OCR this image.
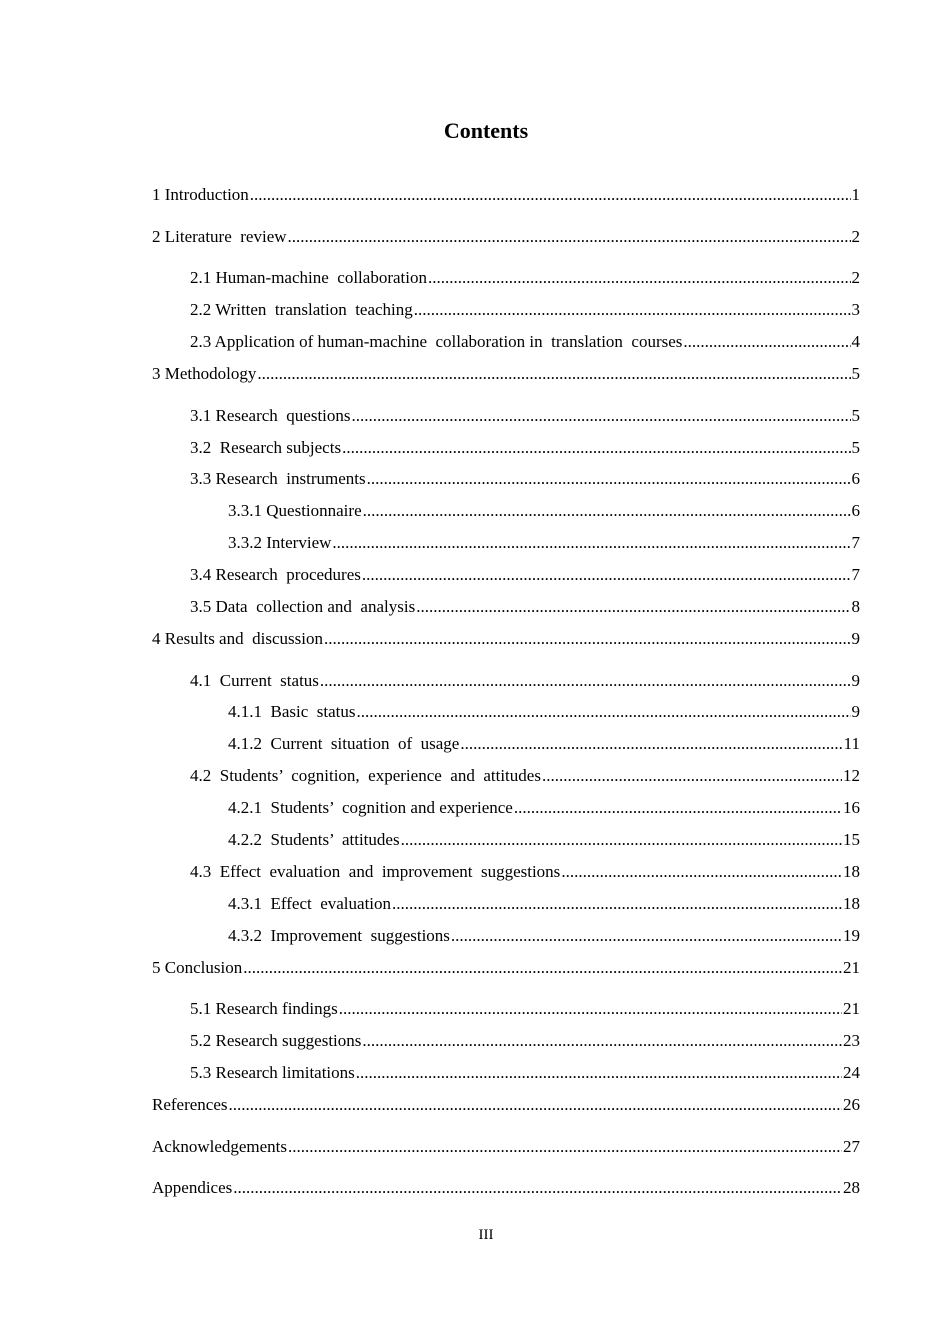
Contents
1 Introduction .....	1
2 Literature  review .....	2
2.1 Human-machine  collaboration .....	2
2.2 Written  translation  teaching .....	3
2.3 Application of human-machine  collaboration in  translation  courses .....	4
3 Methodology .....	5
3.1 Research  questions .....	5
3.2  Research subjects .....	5
3.3 Research  instruments .....	6
3.3.1 Questionnaire .....	6
3.3.2 Interview .....	7
3.4 Research  procedures .....	7
3.5 Data  collection and  analysis .....	8
4 Results and  discussion .....	9
4.1  Current  status .....	9
4.1.1  Basic  status .....	9
4.1.2  Current  situation  of  usage .....	11
4.2  Students’  cognition,  experience  and  attitudes .....	12
4.2.1  Students’  cognition and experience .....	16
4.2.2  Students’  attitudes .....	15
4.3  Effect  evaluation  and  improvement  suggestions .....	18
4.3.1  Effect  evaluation .....	18
4.3.2  Improvement  suggestions .....	19
5 Conclusion .....	21
5.1 Research findings .....	21
5.2 Research suggestions .....	23
5.3 Research limitations .....	24
References .....	26
Acknowledgements .....	27
Appendices .....	28
III
